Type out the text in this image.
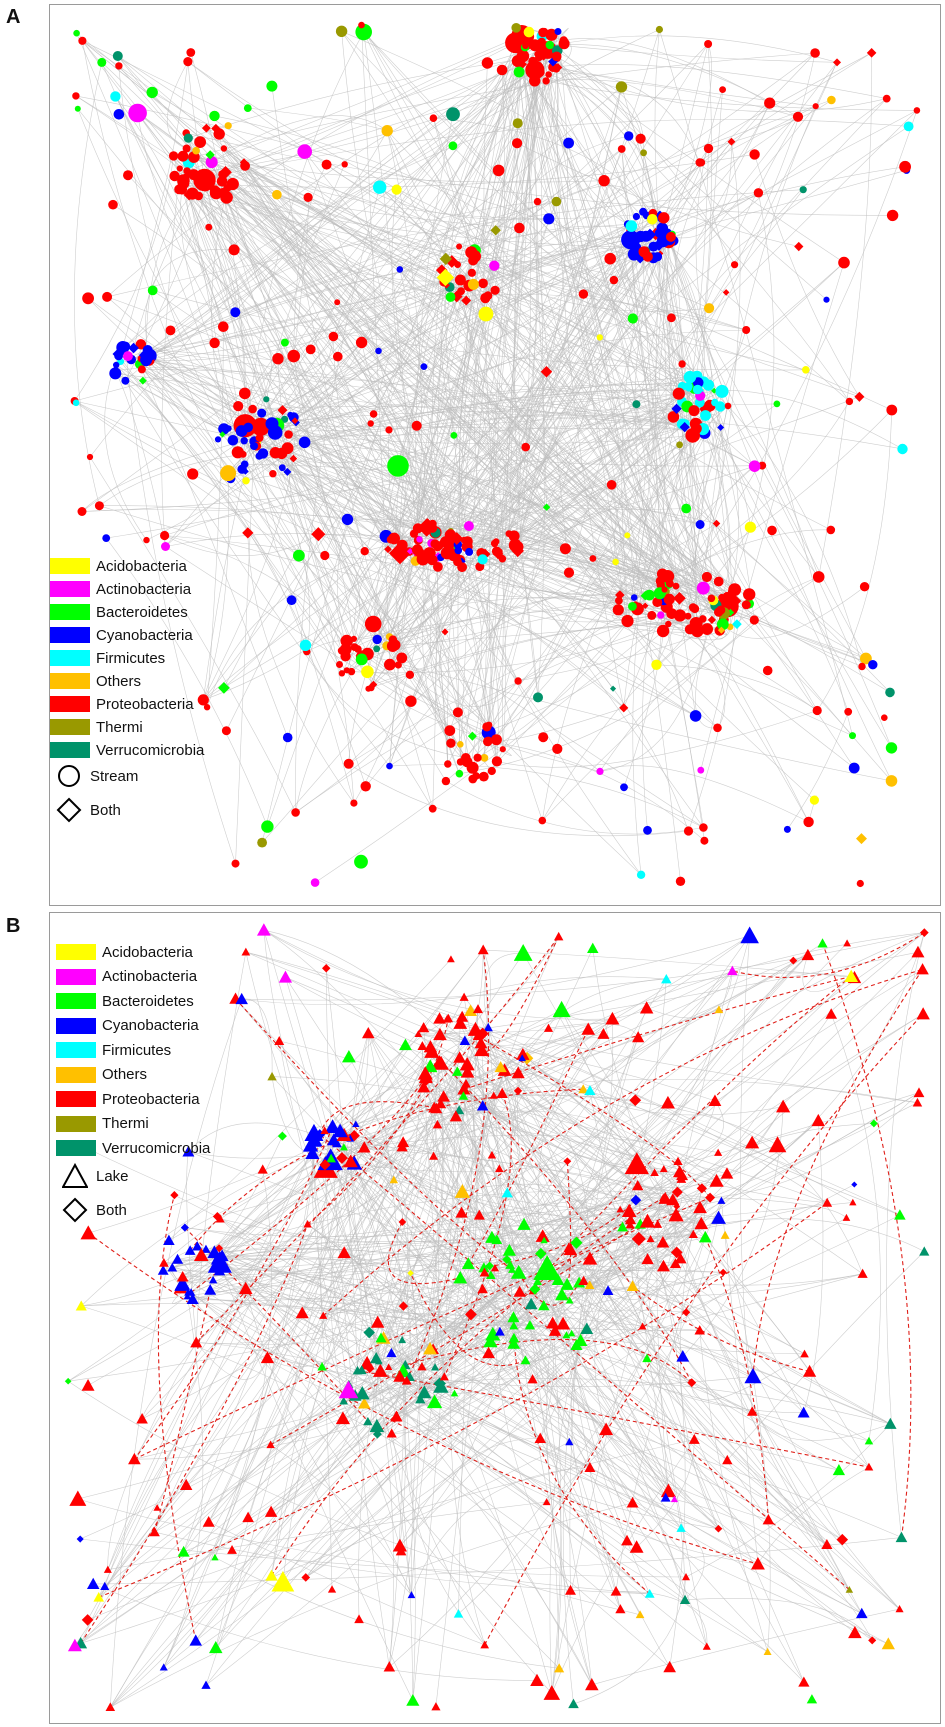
A
Acidobacteria
Actinobacteria
Bacteroidetes
Cyanobacteria
Firmicutes
Others
Proteobacteria
Thermi
Verrucomicrobia
Stream
Both
B
Acidobacteria
Actinobacteria
Bacteroidetes
Cyanobacteria
Firmicutes
Others
Proteobacteria
Thermi
Verrucomicrobia
Lake
Both
